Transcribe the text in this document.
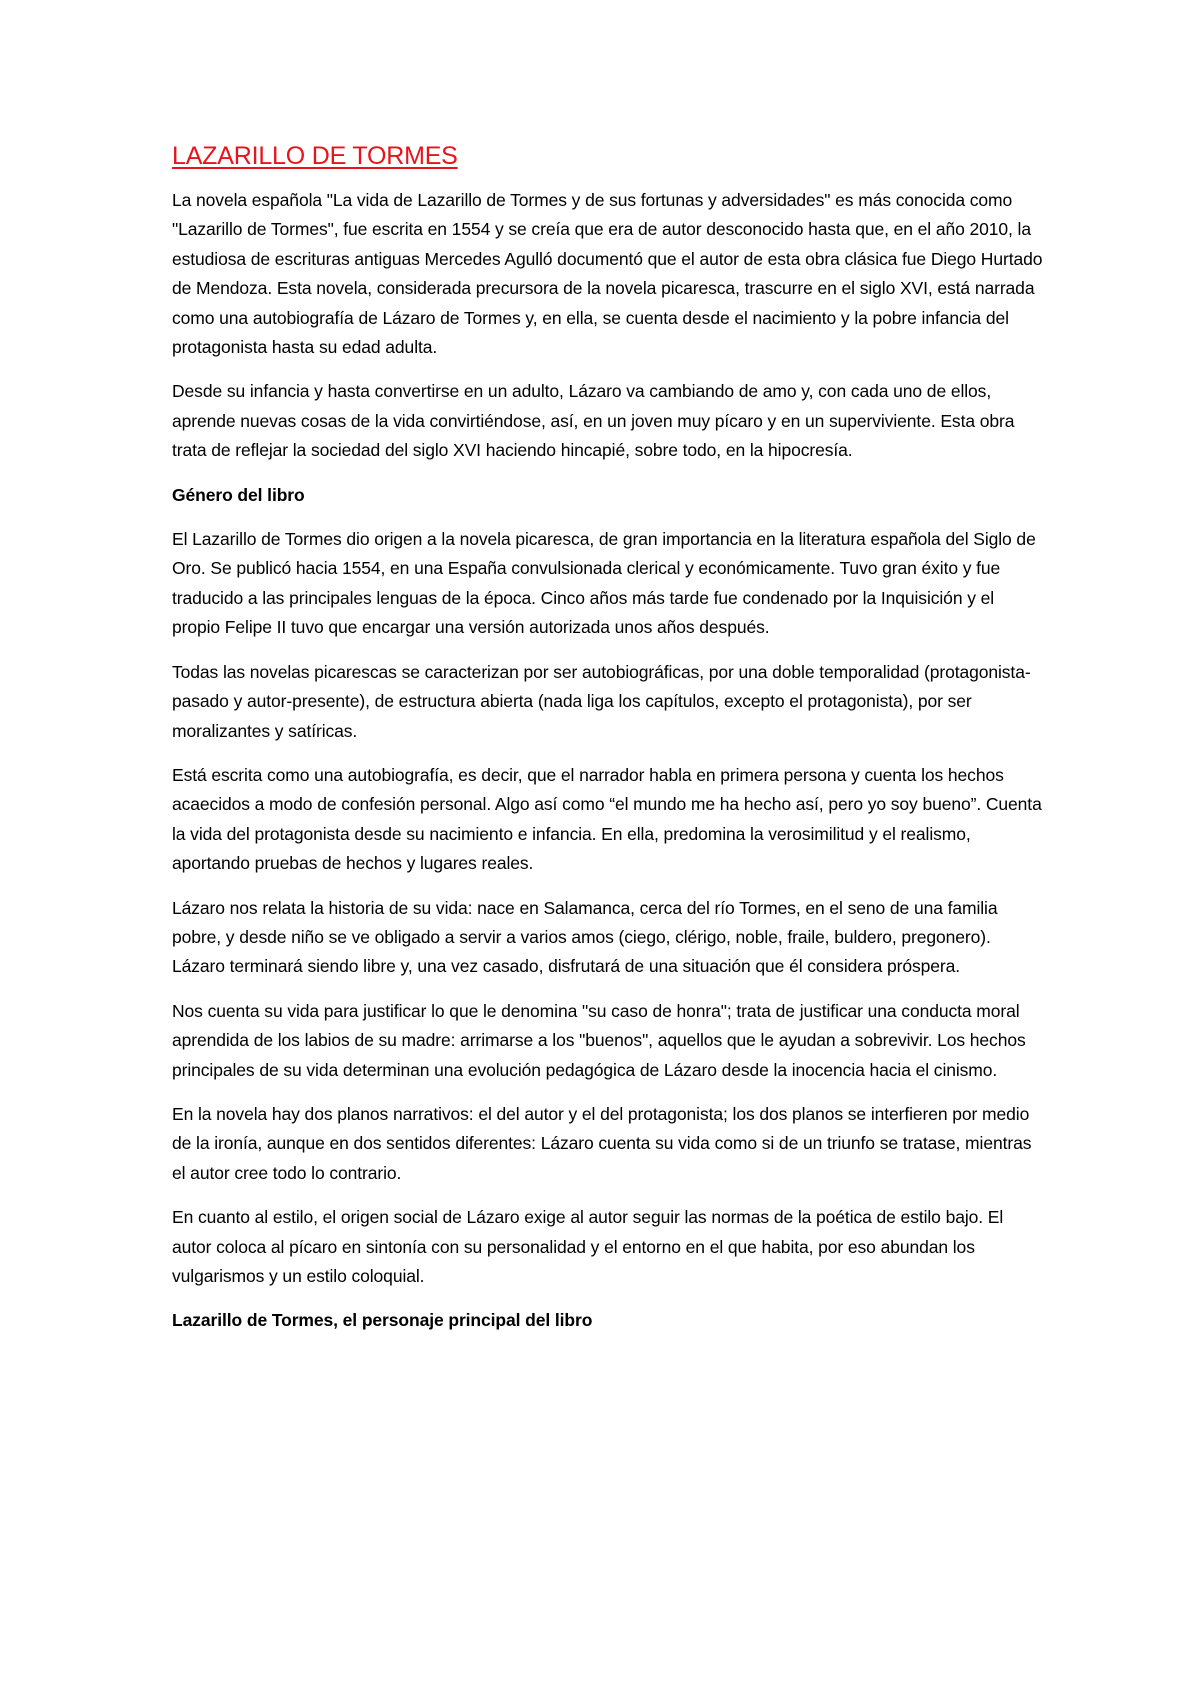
LAZARILLO DE TORMES

La novela española "La vida de Lazarillo de Tormes y de sus fortunas y adversidades" es más conocida como "Lazarillo de Tormes", fue escrita en 1554 y se creía que era de autor desconocido hasta que, en el año 2010, la estudiosa de escrituras antiguas Mercedes Agulló documentó que el autor de esta obra clásica fue Diego Hurtado de Mendoza. Esta novela, considerada precursora de la novela picaresca, trascurre en el siglo XVI, está narrada como una autobiografía de Lázaro de Tormes y, en ella, se cuenta desde el nacimiento y la pobre infancia del protagonista hasta su edad adulta.

Desde su infancia y hasta convertirse en un adulto, Lázaro va cambiando de amo y, con cada uno de ellos, aprende nuevas cosas de la vida convirtiéndose, así, en un joven muy pícaro y en un superviviente. Esta obra trata de reflejar la sociedad del siglo XVI haciendo hincapié, sobre todo, en la hipocresía.

Género del libro

El Lazarillo de Tormes dio origen a la novela picaresca, de gran importancia en la literatura española del Siglo de Oro. Se publicó hacia 1554, en una España convulsionada clerical y económicamente. Tuvo gran éxito y fue traducido a las principales lenguas de la época. Cinco años más tarde fue condenado por la Inquisición y el propio Felipe II tuvo que encargar una versión autorizada unos años después.

Todas las novelas picarescas se caracterizan por ser autobiográficas, por una doble temporalidad (protagonista-pasado y autor-presente), de estructura abierta (nada liga los capítulos, excepto el protagonista), por ser moralizantes y satíricas.

Está escrita como una autobiografía, es decir, que el narrador habla en primera persona y cuenta los hechos acaecidos a modo de confesión personal. Algo así como “el mundo me ha hecho así, pero yo soy bueno”. Cuenta la vida del protagonista desde su nacimiento e infancia. En ella, predomina la verosimilitud y el realismo, aportando pruebas de hechos y lugares reales.

Lázaro nos relata la historia de su vida: nace en Salamanca, cerca del río Tormes, en el seno de una familia pobre, y desde niño se ve obligado a servir a varios amos (ciego, clérigo, noble, fraile, buldero, pregonero). Lázaro terminará siendo libre y, una vez casado, disfrutará de una situación que él considera próspera.

Nos cuenta su vida para justificar lo que le denomina "su caso de honra"; trata de justificar una conducta moral aprendida de los labios de su madre: arrimarse a los "buenos", aquellos que le ayudan a sobrevivir. Los hechos principales de su vida determinan una evolución pedagógica de Lázaro desde la inocencia hacia el cinismo.

En la novela hay dos planos narrativos: el del autor y el del protagonista; los dos planos se interfieren por medio de la ironía, aunque en dos sentidos diferentes: Lázaro cuenta su vida como si de un triunfo se tratase, mientras el autor cree todo lo contrario.

En cuanto al estilo, el origen social de Lázaro exige al autor seguir las normas de la poética de estilo bajo. El autor coloca al pícaro en sintonía con su personalidad y el entorno en el que habita, por eso abundan los vulgarismos y un estilo coloquial.

Lazarillo de Tormes, el personaje principal del libro
